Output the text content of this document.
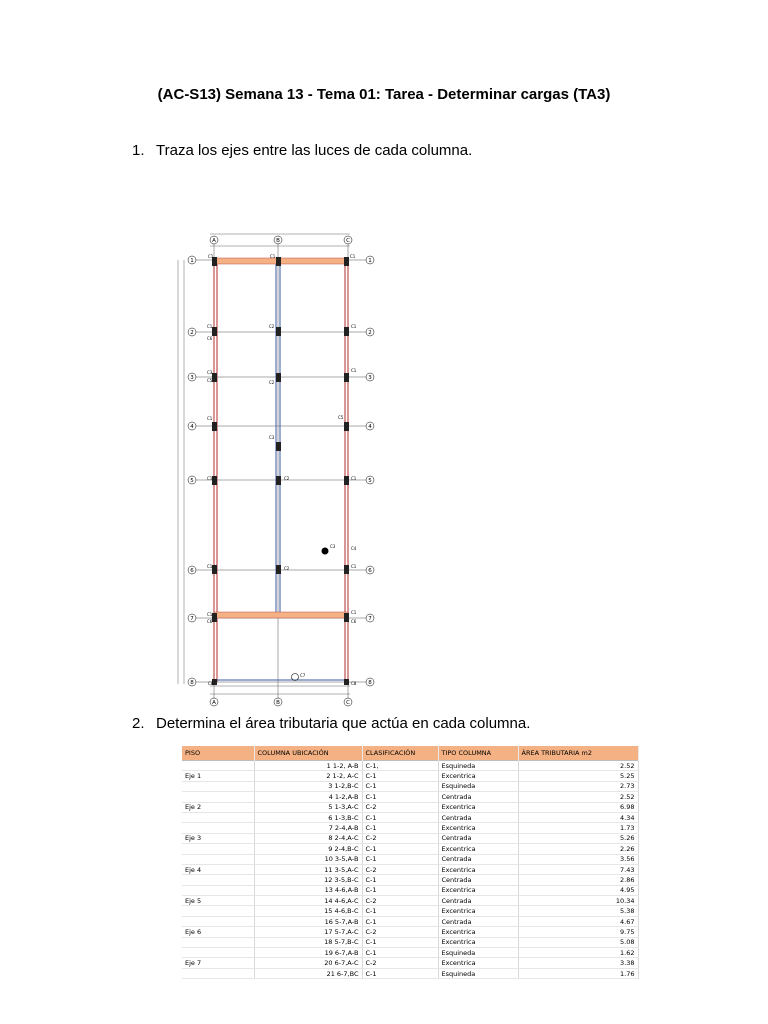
(AC-S13) Semana 13 - Tema 01: Tarea - Determinar cargas (TA3)
1. Traza los ejes entre las luces de cada columna.
C1	C1	C1
C1
C6
C2	C1
C3
C5	C2
C1
C1	C5
C3
C1	C2	C1
C4
C3
C1	C2	C1
C1
C6
C1
C6
C8	C8
C7
A	B	C
A	B	C
1	1
2	2
3	3
4	4
5	5
6	6
7	7
8	8
2. Determina el área tributaria que actúa en cada columna.
PISO	COLUMNA UBICACIÓN	CLASIFICACIÓN	TIPO COLUMNA	ÁREA TRIBUTARIA m2
	1 1-2, A-B	C-1,	Esquineda	2.52
Eje 1	2 1-2, A-C	C-1	Excentrica	5.25
	3 1-2,B-C	C-1	Esquineda	2.73
	4 1-2,A-B	C-1	Centrada	2.52
Eje 2	5 1-3,A-C	C-2	Excentrica	6.98
	6 1-3,B-C	C-1	Centrada	4.34
	7 2-4,A-B	C-1	Excentrica	1.73
Eje 3	8 2-4,A-C	C-2	Centrada	5.26
	9 2-4,B-C	C-1	Excentrica	2.26
	10 3-5,A-B	C-1	Centrada	3.56
Eje 4	11 3-5,A-C	C-2	Excentrica	7.43
	12 3-5,B-C	C-1	Centrada	2.86
	13 4-6,A-B	C-1	Excentrica	4.95
Eje 5	14 4-6,A-C	C-2	Centrada	10.34
	15 4-6,B-C	C-1	Excentrica	5.38
	16 5-7,A-B	C-1	Centrada	4.67
Eje 6	17 5-7,A-C	C-2	Excentrica	9.75
	18 5-7,B-C	C-1	Excentrica	5.08
	19 6-7,A-B	C-1	Esquineda	1.62
Eje 7	20 6-7,A-C	C-2	Excentrica	3.38
	21 6-7,BC	C-1	Esquineda	1.76
